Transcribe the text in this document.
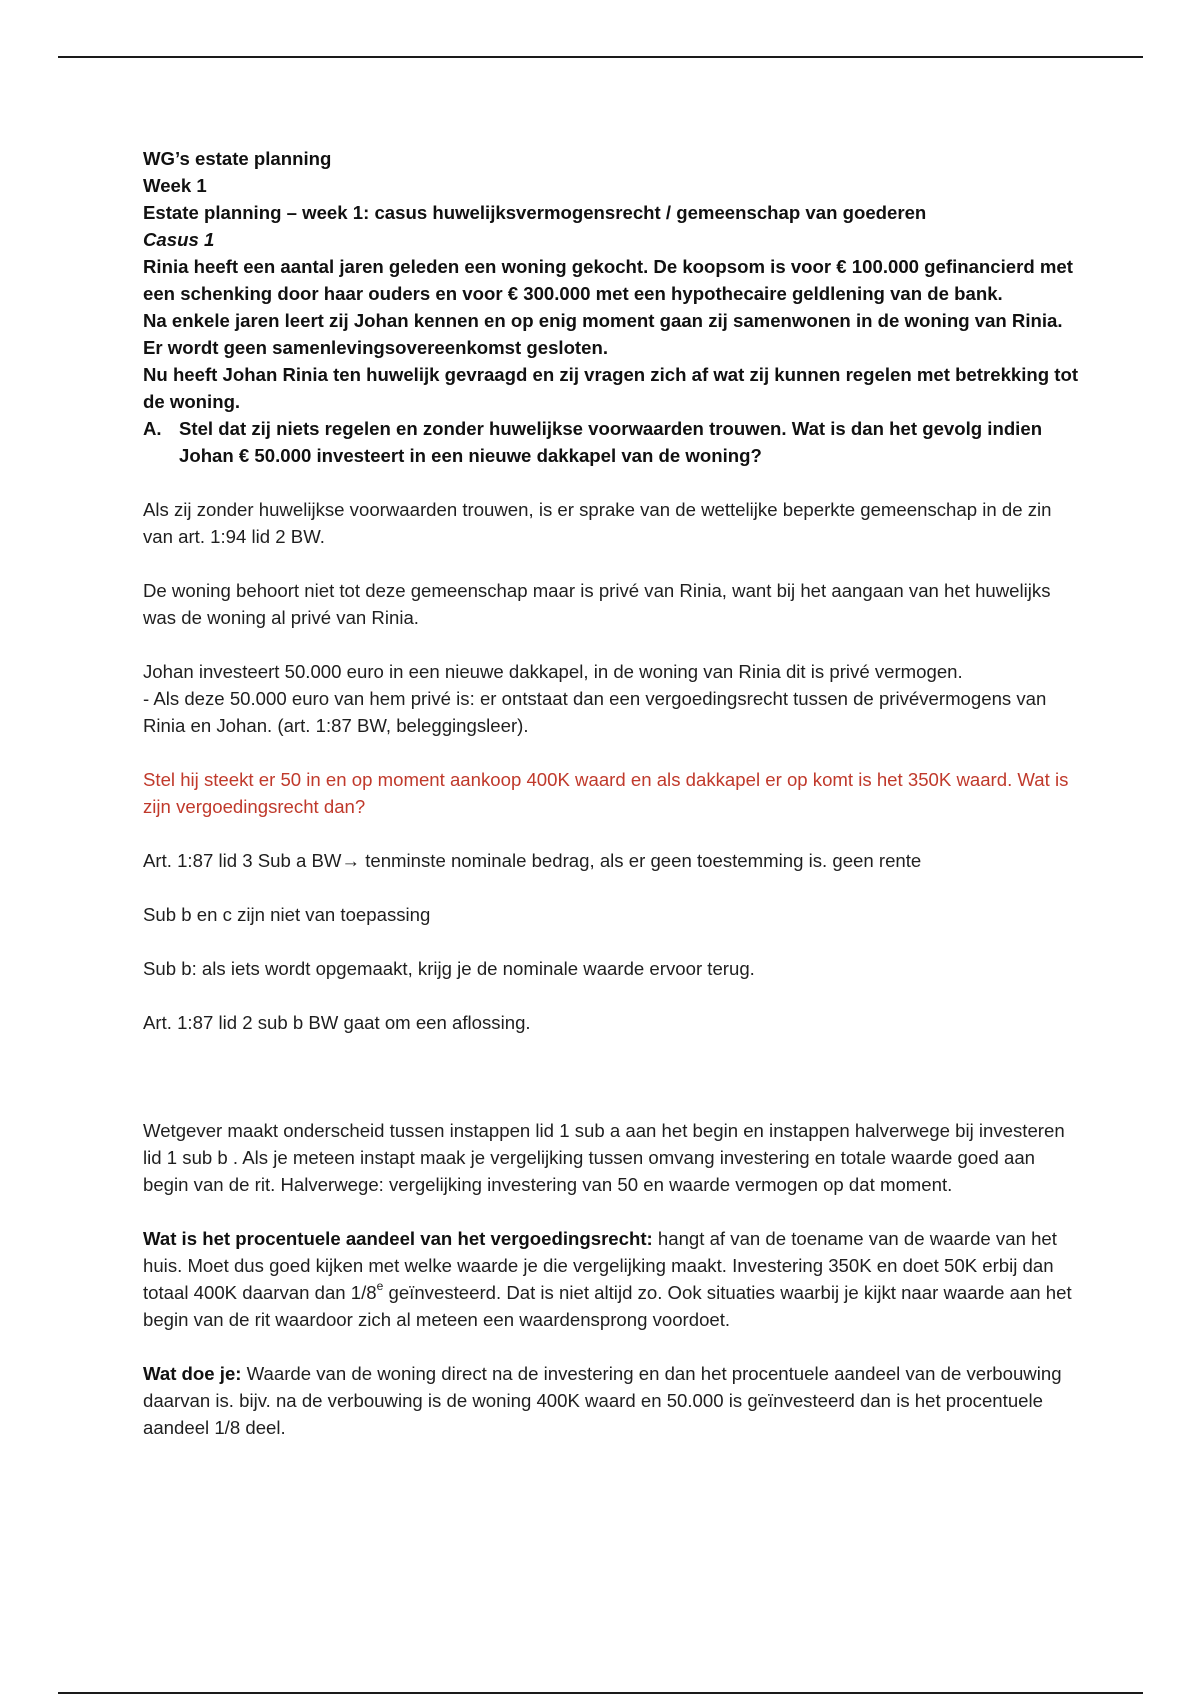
WG’s estate planning

Week 1

Estate planning – week 1: casus huwelijksvermogensrecht / gemeenschap van goederen

Casus 1

Rinia heeft een aantal jaren geleden een woning gekocht. De koopsom is voor € 100.000 gefinancierd met een schenking door haar ouders en voor € 300.000 met een hypothecaire geldlening van de bank.

Na enkele jaren leert zij Johan kennen en op enig moment gaan zij samenwonen in de woning van Rinia. Er wordt geen samenlevingsovereenkomst gesloten.

Nu heeft Johan Rinia ten huwelijk gevraagd en zij vragen zich af wat zij kunnen regelen met betrekking tot de woning.

A. Stel dat zij niets regelen en zonder huwelijkse voorwaarden trouwen. Wat is dan het gevolg indien Johan € 50.000 investeert in een nieuwe dakkapel van de woning?

Als zij zonder huwelijkse voorwaarden trouwen, is er sprake van de wettelijke beperkte gemeenschap in de zin van art. 1:94 lid 2 BW.

De woning behoort niet tot deze gemeenschap maar is privé van Rinia, want bij het aangaan van het huwelijks was de woning al privé van Rinia.

Johan investeert 50.000 euro in een nieuwe dakkapel, in de woning van Rinia dit is privé vermogen.

- Als deze 50.000 euro van hem privé is: er ontstaat dan een vergoedingsrecht tussen de privévermogens van Rinia en Johan. (art. 1:87 BW, beleggingsleer).

Stel hij steekt er 50 in en op moment aankoop 400K waard en als dakkapel er op komt is het 350K waard. Wat is zijn vergoedingsrecht dan?

Art. 1:87 lid 3 Sub a BW→ tenminste nominale bedrag, als er geen toestemming is. geen rente

Sub b en c zijn niet van toepassing

Sub b: als iets wordt opgemaakt, krijg je de nominale waarde ervoor terug.

Art. 1:87 lid 2 sub b BW gaat om een aflossing.

Wetgever maakt onderscheid tussen instappen lid 1 sub a aan het begin en instappen halverwege bij investeren lid 1 sub b . Als je meteen instapt maak je vergelijking tussen omvang investering en totale waarde goed aan begin van de rit. Halverwege: vergelijking investering van 50 en waarde vermogen op dat moment.

Wat is het procentuele aandeel van het vergoedingsrecht: hangt af van de toename van de waarde van het huis. Moet dus goed kijken met welke waarde je die vergelijking maakt. Investering 350K en doet 50K erbij dan totaal 400K daarvan dan 1/8e geïnvesteerd. Dat is niet altijd zo. Ook situaties waarbij je kijkt naar waarde aan het begin van de rit waardoor zich al meteen een waardensprong voordoet.

Wat doe je: Waarde van de woning direct na de investering en dan het procentuele aandeel van de verbouwing daarvan is. bijv. na de verbouwing is de woning 400K waard en 50.000 is geïnvesteerd dan is het procentuele aandeel 1/8 deel.
